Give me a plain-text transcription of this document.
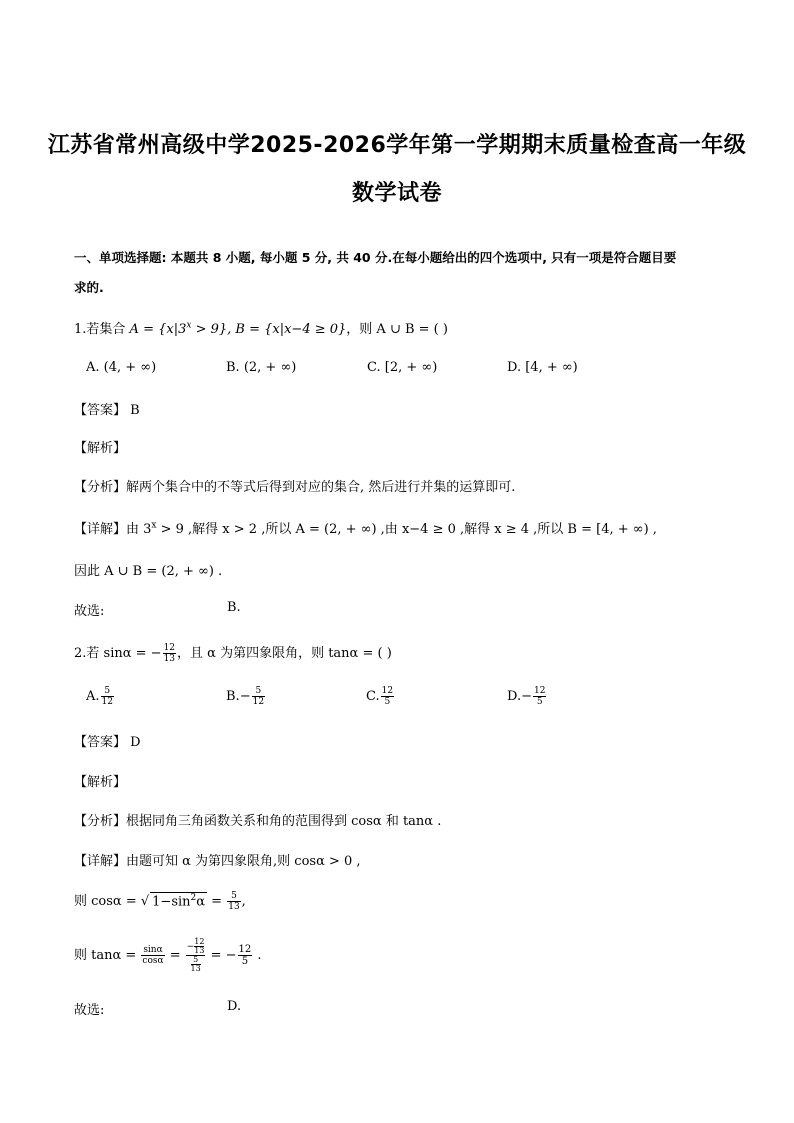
江苏省常州高级中学2025-2026学年第一学期期末质量检查高一年级
数学试卷
一、单项选择题: 本题共 8 小题, 每小题 5 分, 共 40 分.在每小题给出的四个选项中, 只有一项是符合题目要
求的.
1.若集合 $A = \{x|3^x > 9\}$, B = {x|x−4 ≥ 0}，则 A ∪ B = ( )
A. (4, + ∞)	B. (2, + ∞)	C. [2, + ∞)	D. [4, + ∞)
【答案】 B
【解析】
【分析】解两个集合中的不等式后得到对应的集合, 然后进行并集的运算即可.
【详解】由 $3^x > 9$ ,解得 x > 2 ,所以 A = (2, + ∞) ,由 x−4 ≥ 0 ,解得 x ≥ 4 ,所以 B = [4, + ∞) ,
因此 A ∪ B = (2, + ∞) .
故选:	B.
2.若 sinα = − $\frac{12}{13}$ ，且 α 为第四象限角，则 tanα = ( )
A. $\frac{5}{12}$	$B.- \frac{5}{12}$	C. $\frac{12}{5}$	$D.- \frac{12}{5}$
【答案】 D
【解析】
【分析】根据同角三角函数关系和角的范围得到 cosα 和 tanα .
【详解】由题可知 α 为第四象限角,则 cosα > 0 ,
则 cosα = √ $1-\sin^2\alpha = \frac{5}{13}$ ,
则 $\tan\alpha = \frac{\sin\alpha}{\cos\alpha} = \frac{- \frac{12}{13}}{\frac{5}{13}}$ = − $\frac{12}{5}$ .
故选:	D.
